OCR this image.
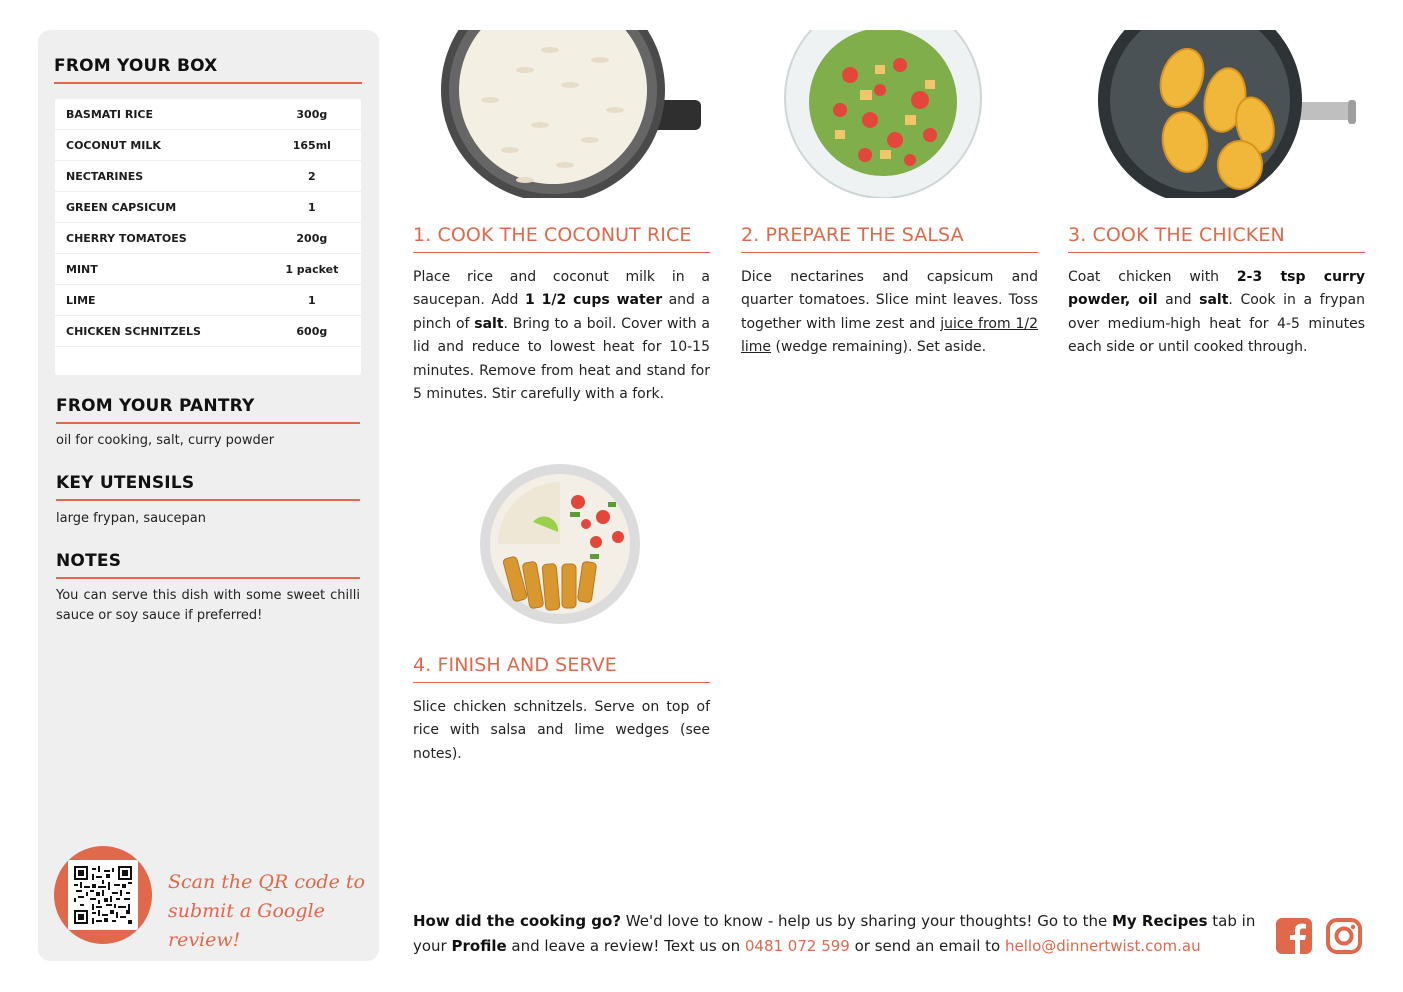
FROM YOUR BOX
BASMATI RICE	300g
COCONUT MILK	165ml
NECTARINES	2
GREEN CAPSICUM	1
CHERRY TOMATOES	200g
MINT	1 packet
LIME	1
CHICKEN SCHNITZELS	600g
FROM YOUR PANTRY
oil for cooking, salt, curry powder
KEY UTENSILS
large frypan, saucepan
NOTES
You can serve this dish with some sweet chilli sauce or soy sauce if preferred!
Scan the QR code to
submit a Google review!
1. COOK THE COCONUT RICE
Place rice and coconut milk in a saucepan. Add 1 1/2 cups water and a pinch of salt. Bring to a boil. Cover with a lid and reduce to lowest heat for 10-15 minutes. Remove from heat and stand for 5 minutes. Stir carefully with a fork.
2. PREPARE THE SALSA
Dice nectarines and capsicum and quarter tomatoes. Slice mint leaves. Toss together with lime zest and juice from 1/2 lime (wedge remaining). Set aside.
3. COOK THE CHICKEN
Coat chicken with 2-3 tsp curry powder, oil and salt. Cook in a frypan over medium-high heat for 4-5 minutes each side or until cooked through.
4. FINISH AND SERVE
Slice chicken schnitzels. Serve on top of rice with salsa and lime wedges (see notes).
How did the cooking go? We'd love to know - help us by sharing your thoughts! Go to the My Recipes tab in your Profile and leave a review! Text us on 0481 072 599 or send an email to hello@dinnertwist.com.au
